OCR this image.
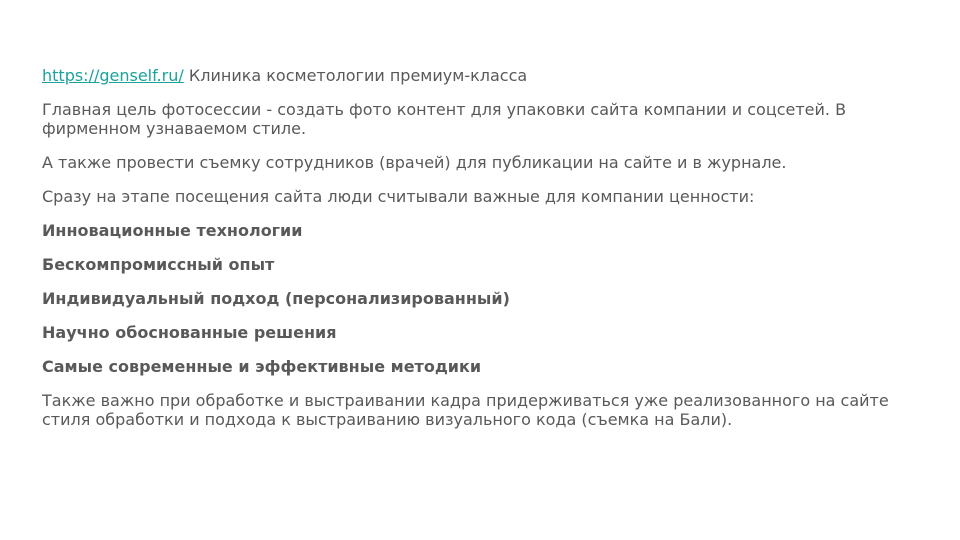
https://genself.ru/ Клиника косметологии премиум-класса

Главная цель фотосессии - создать фото контент для упаковки сайта компании и соцсетей. В фирменном узнаваемом стиле.

А также провести съемку сотрудников (врачей) для публикации на сайте и в журнале.

Сразу на этапе посещения сайта люди считывали важные для компании ценности:

Инновационные технологии

Бескомпромиссный опыт

Индивидуальный подход (персонализированный)

Научно обоснованные решения

Самые современные и эффективные методики

Также важно при обработке и выстраивании кадра придерживаться уже реализованного на сайте стиля обработки и подхода к выстраиванию визуального кода (съемка на Бали).
